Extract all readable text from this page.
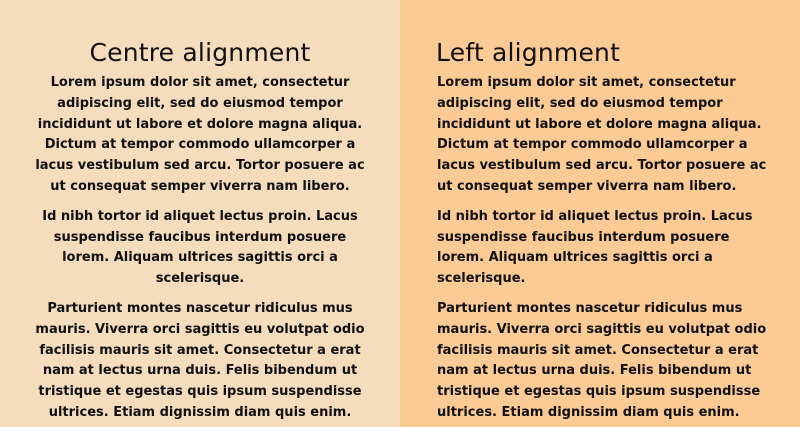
Centre alignment

Lorem ipsum dolor sit amet, consectetur adipiscing elit, sed do eiusmod tempor incididunt ut labore et dolore magna aliqua. Dictum at tempor commodo ullamcorper a lacus vestibulum sed arcu. Tortor posuere ac ut consequat semper viverra nam libero.

Id nibh tortor id aliquet lectus proin. Lacus suspendisse faucibus interdum posuere lorem. Aliquam ultrices sagittis orci a scelerisque.

Parturient montes nascetur ridiculus mus mauris. Viverra orci sagittis eu volutpat odio facilisis mauris sit amet. Consectetur a erat nam at lectus urna duis. Felis bibendum ut tristique et egestas quis ipsum suspendisse ultrices. Etiam dignissim diam quis enim.

Left alignment

Lorem ipsum dolor sit amet, consectetur adipiscing elit, sed do eiusmod tempor incididunt ut labore et dolore magna aliqua. Dictum at tempor commodo ullamcorper a lacus vestibulum sed arcu. Tortor posuere ac ut consequat semper viverra nam libero.

Id nibh tortor id aliquet lectus proin. Lacus suspendisse faucibus interdum posuere lorem. Aliquam ultrices sagittis orci a scelerisque.

Parturient montes nascetur ridiculus mus mauris. Viverra orci sagittis eu volutpat odio facilisis mauris sit amet. Consectetur a erat nam at lectus urna duis. Felis bibendum ut tristique et egestas quis ipsum suspendisse ultrices. Etiam dignissim diam quis enim.
